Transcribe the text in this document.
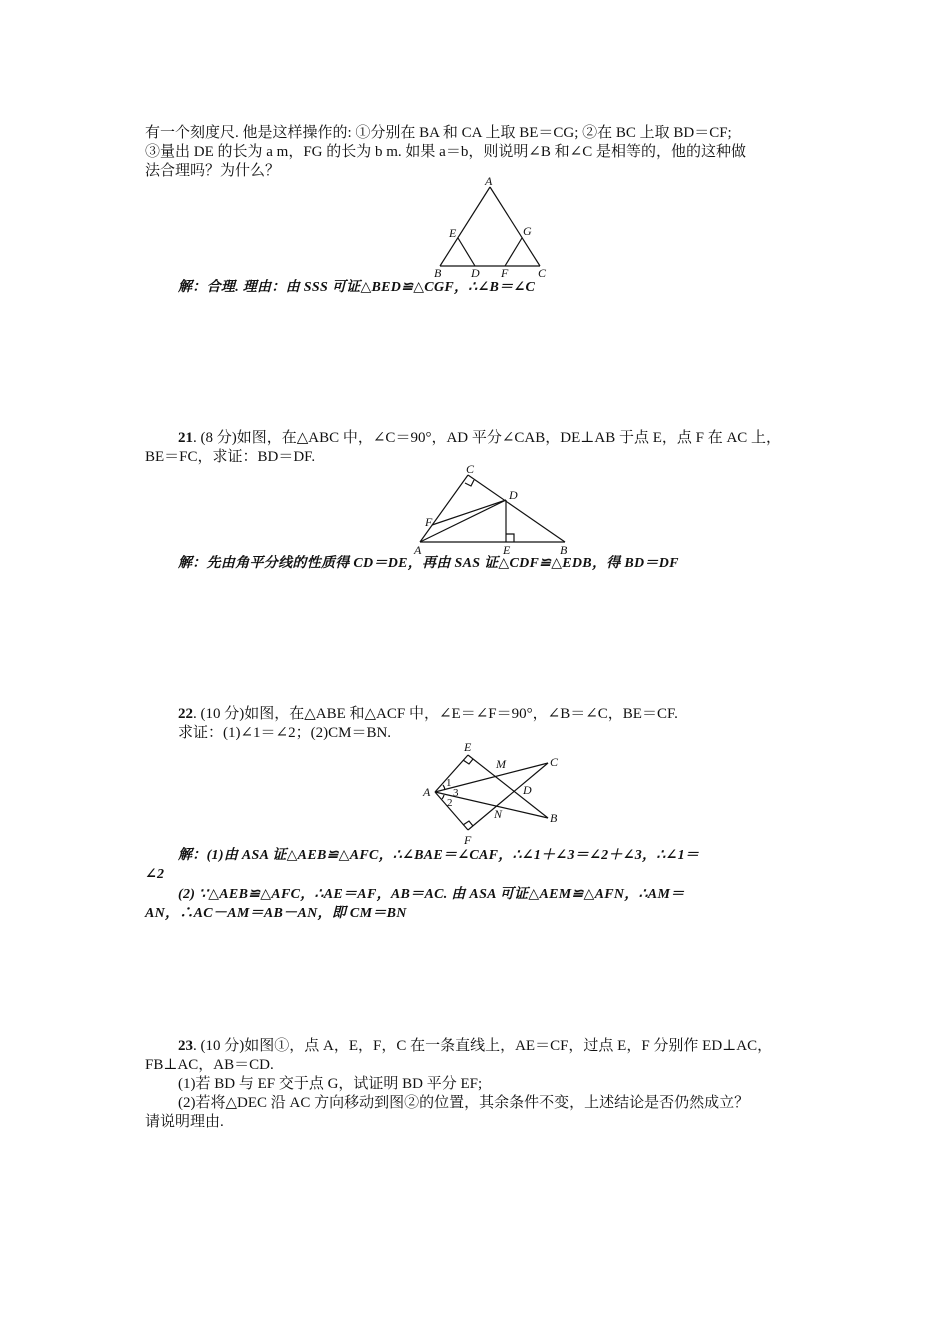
有一个刻度尺. 他是这样操作的: ①分别在 BA 和 CA 上取 BE＝CG; ②在 BC 上取 BD＝CF;
③量出 DE 的长为 a m，FG 的长为 b m. 如果 a＝b，则说明∠B 和∠C 是相等的，他的这种做
法合理吗？为什么？
A
E	G
B D F C
解：合理. 理由：由 SSS 可证△BED≌△CGF，∴∠B＝∠C
21. (8 分)如图，在△ABC 中，∠C＝90°，AD 平分∠CAB，DE⊥AB 于点 E，点 F 在 AC 上，
BE＝FC，求证：BD＝DF.
C
D
F
A	E	B
解：先由角平分线的性质得 CD＝DE，再由 SAS 证△CDF≌△EDB，得 BD＝DF
22. (10 分)如图，在△ABE 和△ACF 中，∠E＝∠F＝90°，∠B＝∠C，BE＝CF.
求证：(1)∠1＝∠2；(2)CM＝BN.
E
M	C
A
1
3
2
D
N	B
F
解：(1)由 ASA 证△AEB≌△AFC，∴∠BAE＝∠CAF，∴∠1＋∠3＝∠2＋∠3，∴∠1＝
∠2
(2) ∵△AEB≌△AFC，∴AE＝AF，AB＝AC. 由 ASA 可证△AEM≌△AFN，∴AM＝
AN，∴AC－AM＝AB－AN，即 CM＝BN
23. (10 分)如图①，点 A，E，F，C 在一条直线上，AE＝CF，过点 E，F 分别作 ED⊥AC，
FB⊥AC，AB＝CD.
(1)若 BD 与 EF 交于点 G，试证明 BD 平分 EF;
(2)若将△DEC 沿 AC 方向移动到图②的位置，其余条件不变，上述结论是否仍然成立？
请说明理由.
